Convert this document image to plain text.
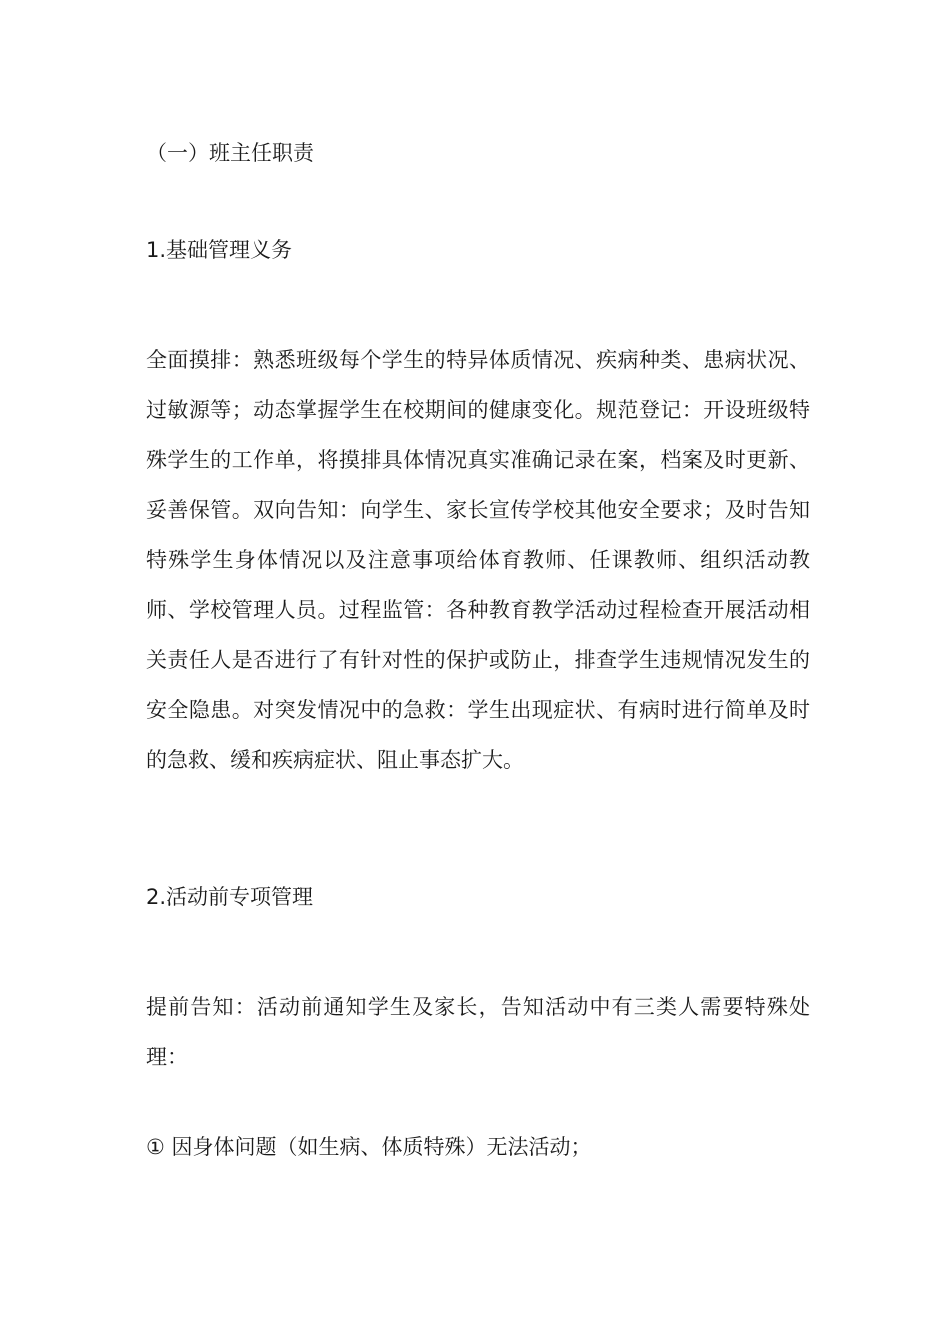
（一）班主任职责

1.基础管理义务

全面摸排：熟悉班级每个学生的特异体质情况、疾病种类、患病状况、过敏源等；动态掌握学生在校期间的健康变化。规范登记：开设班级特殊学生的工作单，将摸排具体情况真实准确记录在案，档案及时更新、妥善保管。双向告知：向学生、家长宣传学校其他安全要求；及时告知特殊学生身体情况以及注意事项给体育教师、任课教师、组织活动教师、学校管理人员。过程监管：各种教育教学活动过程检查开展活动相关责任人是否进行了有针对性的保护或防止，排查学生违规情况发生的安全隐患。对突发情况中的急救：学生出现症状、有病时进行简单及时的急救、缓和疾病症状、阻止事态扩大。

2.活动前专项管理

提前告知：活动前通知学生及家长，告知活动中有三类人需要特殊处理：

① 因身体问题（如生病、体质特殊）无法活动；
